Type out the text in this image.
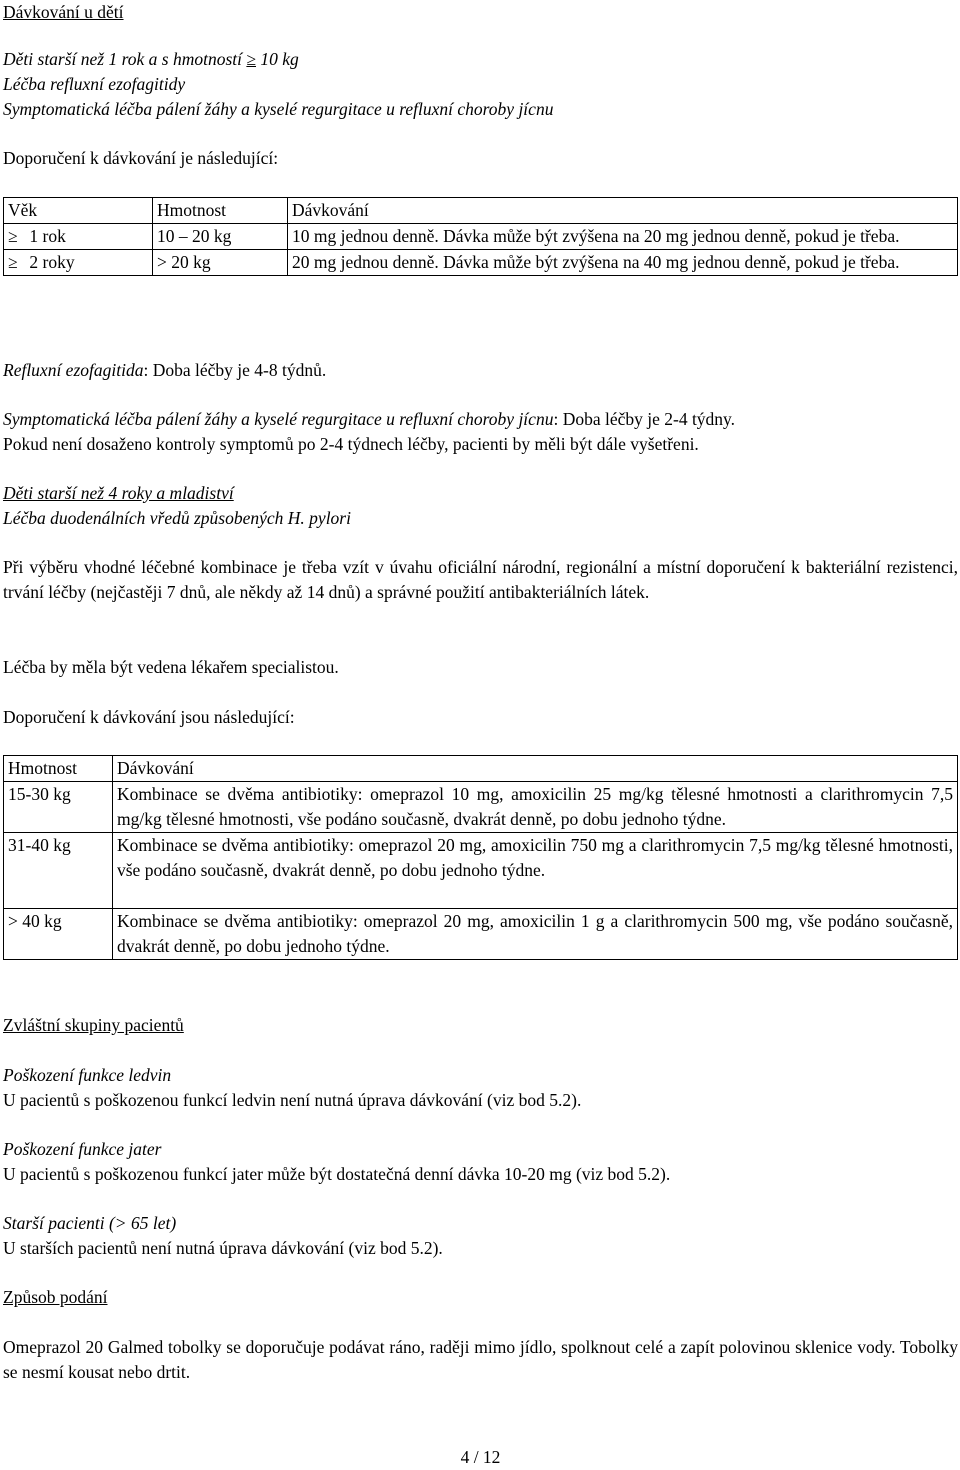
Dávkování u dětí
Děti starší než 1 rok a s hmotností ≥ 10 kg
Léčba refluxní ezofagitidy
Symptomatická léčba pálení žáhy a kyselé regurgitace u refluxní choroby jícnu
Doporučení k dávkování je následující:
Věk	Hmotnost	Dávkování
≥ 1 rok	10 – 20 kg	10 mg jednou denně. Dávka může být zvýšena na 20 mg jednou denně, pokud je třeba.
≥ 2 roky	> 20 kg	20 mg jednou denně. Dávka může být zvýšena na 40 mg jednou denně, pokud je třeba.
Refluxní ezofagitida: Doba léčby je 4-8 týdnů.
Symptomatická léčba pálení žáhy a kyselé regurgitace u refluxní choroby jícnu: Doba léčby je 2-4 týdny.
Pokud není dosaženo kontroly symptomů po 2-4 týdnech léčby, pacienti by měli být dále vyšetřeni.
Děti starší než 4 roky a mladiství
Léčba duodenálních vředů způsobených H. pylori
Při výběru vhodné léčebné kombinace je třeba vzít v úvahu oficiální národní, regionální a místní doporučení k bakteriální rezistenci, trvání léčby (nejčastěji 7 dnů, ale někdy až 14 dnů) a správné použití antibakteriálních látek.
Léčba by měla být vedena lékařem specialistou.
Doporučení k dávkování jsou následující:
Hmotnost	Dávkování
15-30 kg	Kombinace se dvěma antibiotiky: omeprazol 10 mg, amoxicilin 25 mg/kg tělesné hmotnosti a clarithromycin 7,5 mg/kg tělesné hmotnosti, vše podáno současně, dvakrát denně, po dobu jednoho týdne.
31-40 kg	Kombinace se dvěma antibiotiky: omeprazol 20 mg, amoxicilin 750 mg a clarithromycin 7,5 mg/kg tělesné hmotnosti, vše podáno současně, dvakrát denně, po dobu jednoho týdne.
> 40 kg	Kombinace se dvěma antibiotiky: omeprazol 20 mg, amoxicilin 1 g a clarithromycin 500 mg, vše podáno současně, dvakrát denně, po dobu jednoho týdne.
Zvláštní skupiny pacientů
Poškození funkce ledvin
U pacientů s poškozenou funkcí ledvin není nutná úprava dávkování (viz bod 5.2).
Poškození funkce jater
U pacientů s poškozenou funkcí jater může být dostatečná denní dávka 10-20 mg (viz bod 5.2).
Starší pacienti (> 65 let)
U starších pacientů není nutná úprava dávkování (viz bod 5.2).
Způsob podání
Omeprazol 20 Galmed tobolky se doporučuje podávat ráno, raději mimo jídlo, spolknout celé a zapít polovinou sklenice vody. Tobolky se nesmí kousat nebo drtit.
4 / 12
